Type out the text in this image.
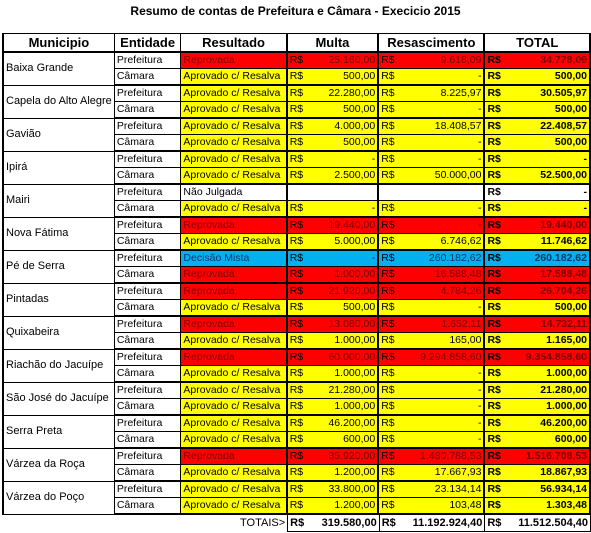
Resumo de contas de Prefeitura e Câmara - Execicio 2015
Municipio	Entidade	Resultado	Multa	Resascimento	TOTAL
Baixa Grande	Prefeitura	Reprovada	R$ 25.160,00	R$ 9.618,09	R$ 34.778,09

	Câmara	Aprovado c/ Resalva	R$ 500,00	R$ -	R$ 500,00

Capela do Alto Alegre	Prefeitura	Aprovado c/ Resalva	R$ 22.280,00	R$ 8.225,97	R$ 30.505,97

	Câmara	Aprovado c/ Resalva	R$ 500,00	R$ -	R$ 500,00

Gavião	Prefeitura	Aprovado c/ Resalva	R$ 4.000,00	R$ 18.408,57	R$ 22.408,57

	Câmara	Aprovado c/ Resalva	R$ 500,00	R$ -	R$ 500,00

Ipirá	Prefeitura	Aprovado c/ Resalva	R$ -	R$ -	R$ -

	Câmara	Aprovado c/ Resalva	R$ 2.500,00	R$ 50.000,00	R$ 52.500,00

Mairi	Prefeitura	Não Julgada			R$ -

	Câmara	Aprovado c/ Resalva	R$ -	R$ -	R$ -

Nova Fátima	Prefeitura	Reprovada	R$ 19.440,00	R$ -	R$ 19.440,00

	Câmara	Aprovado c/ Resalva	R$ 5.000,00	R$ 6.746,62	R$ 11.746,62

Pé de Serra	Prefeitura	Decisão Mista	R$ -	R$ 260.182,62	R$ 260.182,62

	Câmara	Reprovada	R$ 1.000,00	R$ 16.588,48	R$ 17.588,48

Pintadas	Prefeitura	Reprovada	R$ 21.920,00	R$ 4.784,26	R$ 26.704,26

	Câmara	Aprovado c/ Resalva	R$ 500,00	R$ -	R$ 500,00

Quixabeira	Prefeitura	Reprovada	R$ 13.080,00	R$ 1.652,11	R$ 14.732,11

	Câmara	Aprovado c/ Resalva	R$ 1.000,00	R$ 165,00	R$ 1.165,00

Riachão do Jacuípe	Prefeitura	Reprovada	R$ 60.000,00	R$ 9.294.858,60	R$ 9.354.858,60

	Câmara	Aprovado c/ Resalva	R$ 1.000,00	R$ -	R$ 1.000,00

São José do Jacuípe	Prefeitura	Aprovado c/ Resalva	R$ 21.280,00	R$ -	R$ 21.280,00

	Câmara	Aprovado c/ Resalva	R$ 1.000,00	R$ -	R$ 1.000,00

Serra Preta	Prefeitura	Aprovado c/ Resalva	R$ 46.200,00	R$ -	R$ 46.200,00

	Câmara	Aprovado c/ Resalva	R$ 600,00	R$ -	R$ 600,00

Várzea da Roça	Prefeitura	Reprovada	R$ 35.920,00	R$ 1.480.788,53	R$ 1.516.708,53

	Câmara	Aprovado c/ Resalva	R$ 1.200,00	R$ 17.667,93	R$ 18.867,93

Várzea do Poço	Prefeitura	Aprovado c/ Resalva	R$ 33.800,00	R$ 23.134,14	R$ 56.934,14

	Câmara	Aprovado c/ Resalva	R$ 1.200,00	R$ 103,48	R$ 1.303,48
TOTAIS>	R$ 319.580,00	R$ 11.192.924,40	R$ 11.512.504,40
